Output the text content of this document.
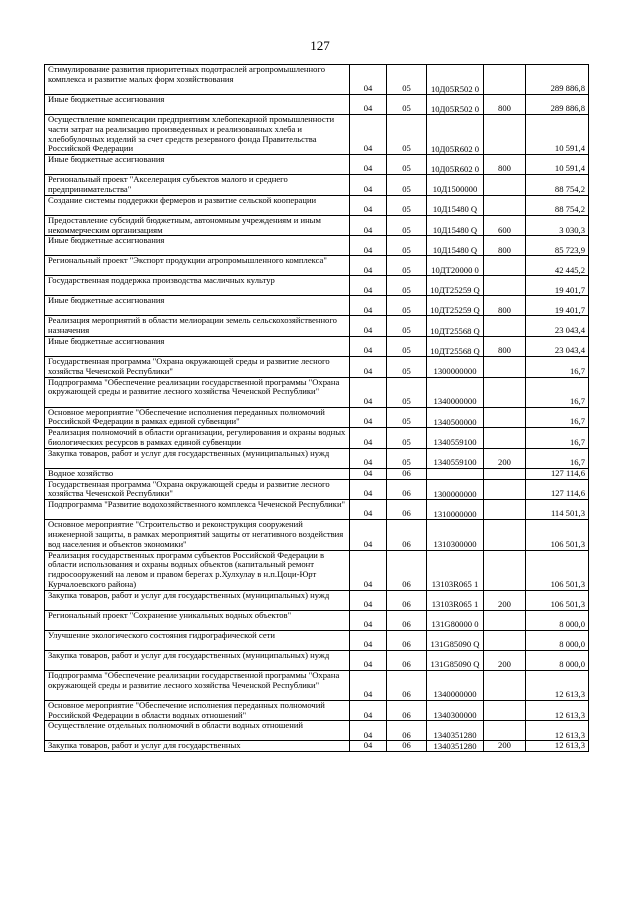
127
Стимулирование развития приоритетных подотраслей агропромышленного комплекса и развитие малых форм хозяйствования	04	05	10Д05R502 0		289 886,8
Иные бюджетные ассигнования	04	05	10Д05R502 0	800	289 886,8
Осуществление компенсации предприятиям хлебопекарной промышленности части затрат на реализацию произведенных и реализованных хлеба и хлебобулочных изделий за счет средств резервного фонда Правительства Российской Федерации	04	05	10Д05R602 0		10 591,4
Иные бюджетные ассигнования	04	05	10Д05R602 0	800	10 591,4
Региональный проект "Акселерация субъектов малого и среднего предпринимательства"	04	05	10Д1500000		88 754,2
Создание системы поддержки фермеров и развитие сельской кооперации	04	05	10Д15480 Q		88 754,2
Предоставление субсидий бюджетным, автономным учреждениям и иным некоммерческим организациям	04	05	10Д15480 Q	600	3 030,3
Иные бюджетные ассигнования	04	05	10Д15480 Q	800	85 723,9
Региональный проект "Экспорт продукции агропромышленного комплекса"	04	05	10ДТ20000 0		42 445,2
Государственная поддержка производства масличных культур	04	05	10ДТ25259 Q		19 401,7
Иные бюджетные ассигнования	04	05	10ДТ25259 Q	800	19 401,7
Реализация мероприятий в области мелиорации земель сельскохозяйственного назначения	04	05	10ДТ25568 Q		23 043,4
Иные бюджетные ассигнования	04	05	10ДТ25568 Q	800	23 043,4
Государственная программа "Охрана окружающей среды и развитие лесного хозяйства Чеченской Республики"	04	05	1300000000		16,7
Подпрограмма "Обеспечение реализации государственной программы "Охрана окружающей среды и развитие лесного хозяйства Чеченской Республики"	04	05	1340000000		16,7
Основное мероприятие "Обеспечение исполнения переданных полномочий Российской Федерации в рамках единой субвенции"	04	05	1340500000		16,7
Реализация полномочий в области организации, регулирования и охраны водных биологических ресурсов в рамках единой субвенции	04	05	1340559100		16,7
Закупка товаров, работ и услуг для государственных (муниципальных) нужд	04	05	1340559100	200	16,7
Водное хозяйство	04	06			127 114,6
Государственная программа "Охрана окружающей среды и развитие лесного хозяйства Чеченской Республики"	04	06	1300000000		127 114,6
Подпрограмма "Развитие водохозяйственного комплекса Чеченской Республики"	04	06	1310000000		114 501,3
Основное мероприятие "Строительство и реконструкция сооружений инженерной защиты, в рамках мероприятий защиты от негативного воздействия вод населения и объектов экономики"	04	06	1310300000		106 501,3
Реализация государственных программ субъектов Российской Федерации в области использования и охраны водных объектов (капитальный ремонт гидросооружений на левом и правом берегах р.Хулхулау в н.п.Цоци-Юрт Курчалоевского района)	04	06	13103R065 1		106 501,3
Закупка товаров, работ и услуг для государственных (муниципальных) нужд	04	06	13103R065 1	200	106 501,3
Региональный проект "Сохранение уникальных водных объектов"	04	06	131G80000 0		8 000,0
Улучшение экологического состояния гидрографической сети	04	06	131G85090 Q		8 000,0
Закупка товаров, работ и услуг для государственных (муниципальных) нужд	04	06	131G85090 Q	200	8 000,0
Подпрограмма "Обеспечение реализации государственной программы "Охрана окружающей среды и развитие лесного хозяйства Чеченской Республики"	04	06	1340000000		12 613,3
Основное мероприятие "Обеспечение исполнения переданных полномочий Российской Федерации в области водных отношений"	04	06	1340300000		12 613,3
Осуществление отдельных полномочий в области водных отношений	04	06	1340351280		12 613,3
Закупка товаров, работ и услуг для государственных	04	06	1340351280	200	12 613,3
